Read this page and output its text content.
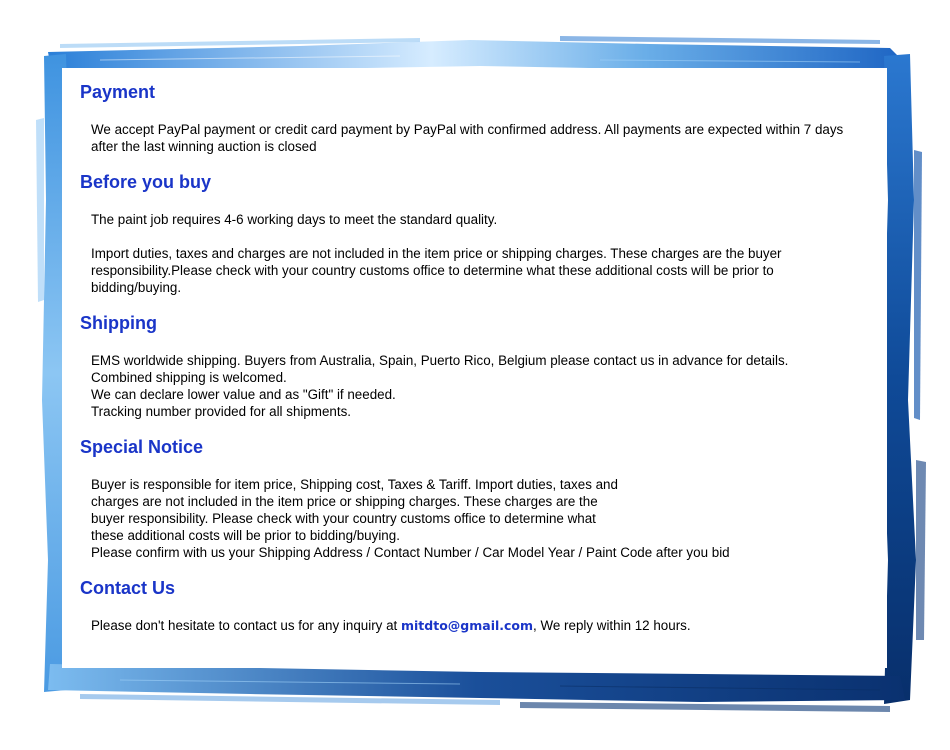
Payment

We accept PayPal payment or credit card payment by PayPal with confirmed address. All payments are expected within 7 days
after the last winning auction is closed

Before you buy

The paint job requires 4-6 working days to meet the standard quality.

Import duties, taxes and charges are not included in the item price or shipping charges. These charges are the buyer
responsibility.Please check with your country customs office to determine what these additional costs will be prior to
bidding/buying.

Shipping

EMS worldwide shipping. Buyers from Australia, Spain, Puerto Rico, Belgium please contact us in advance for details.
Combined shipping is welcomed.
We can declare lower value and as "Gift" if needed.
Tracking number provided for all shipments.

Special Notice

Buyer is responsible for item price, Shipping cost, Taxes & Tariff. Import duties, taxes and
charges are not included in the item price or shipping charges. These charges are the
buyer responsibility. Please check with your country customs office to determine what
these additional costs will be prior to bidding/buying.
Please confirm with us your Shipping Address / Contact Number / Car Model Year / Paint Code after you bid

Contact Us

Please don't hesitate to contact us for any inquiry at mitdto@gmail.com, We reply within 12 hours.
